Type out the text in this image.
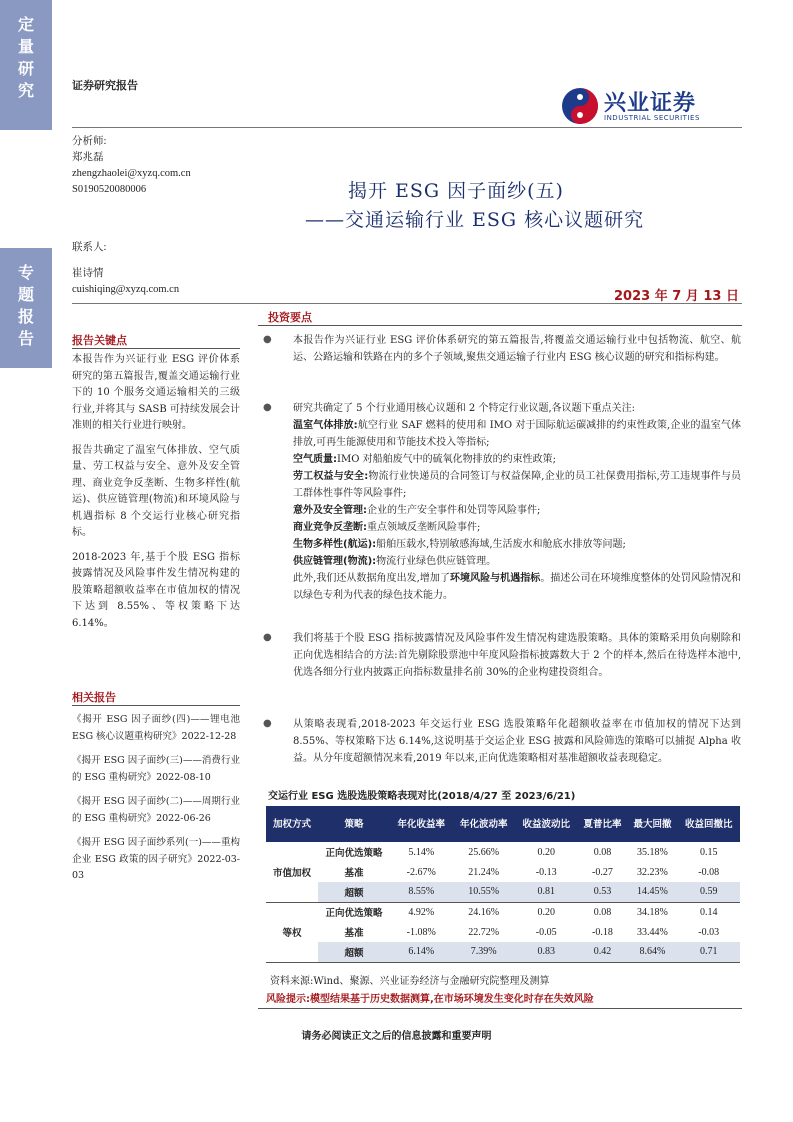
定
量
研
究
专
题
报
告
证券研究报告
兴业证券
INDUSTRIAL SECURITIES
分析师:
郑兆磊
zhengzhaolei@xyzq.com.cn
S0190520080006
联系人:
崔诗情
cuishiqing@xyzq.com.cn
揭开 ESG 因子面纱(五)
——交通运输行业 ESG 核心议题研究
2023 年 7 月 13 日
报告关键点

本报告作为兴证行业 ESG 评价体系研究的第五篇报告,覆盖交通运输行业下的 10 个服务交通运输相关的三级行业,并将其与 SASB 可持续发展会计准则的相关行业进行映射。

报告共确定了温室气体排放、空气质量、劳工权益与安全、意外及安全管理、商业竞争反垄断、生物多样性(航运)、供应链管理(物流)和环境风险与机遇指标 8 个交运行业核心研究指标。

2018-2023 年,基于个股 ESG 指标披露情况及风险事件发生情况构建的股策略超额收益率在市值加权的情况下达到 8.55%、等权策略下达 6.14%。

相关报告

《揭开 ESG 因子面纱(四)——锂电池 ESG 核心议题重构研究》2022-12-28

《揭开 ESG 因子面纱(三)——消费行业的 ESG 重构研究》2022-08-10

《揭开 ESG 因子面纱(二)——周期行业的 ESG 重构研究》2022-06-26

《揭开 ESG 因子面纱系列(一)——重构企业 ESG 政策的因子研究》2022-03-03

投资要点
● 本报告作为兴证行业 ESG 评价体系研究的第五篇报告,将覆盖交通运输行业中包括物流、航空、航运、公路运输和铁路在内的多个子领域,聚焦交通运输子行业内 ESG 核心议题的研究和指标构建。
● 研究共确定了 5 个行业通用核心议题和 2 个特定行业议题,各议题下重点关注:
温室气体排放:航空行业 SAF 燃料的使用和 IMO 对于国际航运碳减排的约束性政策,企业的温室气体排放,可再生能源使用和节能技术投入等指标;
空气质量:IMO 对船舶废气中的硫氧化物排放的约束性政策;
劳工权益与安全:物流行业快递员的合同签订与权益保障,企业的员工社保费用指标,劳工违规事件与员工群体性事件等风险事件;
意外及安全管理:企业的生产安全事件和处罚等风险事件;
商业竞争反垄断:重点领域反垄断风险事件;
生物多样性(航运):船舶压载水,特别敏感海域,生活废水和舱底水排放等问题;
供应链管理(物流):物流行业绿色供应链管理。
此外,我们还从数据角度出发,增加了环境风险与机遇指标。描述公司在环境维度整体的处罚风险情况和以绿色专利为代表的绿色技术能力。
● 我们将基于个股 ESG 指标披露情况及风险事件发生情况构建选股策略。具体的策略采用负向剔除和正向优选相结合的方法:首先剔除股票池中年度风险指标披露数大于 2 个的样本,然后在待选样本池中,优选各细分行业内披露正向指标数量排名前 30%的企业构建投资组合。
● 从策略表现看,2018-2023 年交运行业 ESG 选股策略年化超额收益率在市值加权的情况下达到 8.55%、等权策略下达 6.14%,这说明基于交运企业 ESG 披露和风险筛选的策略可以捕捉 Alpha 收益。从分年度超额情况来看,2019 年以来,正向优选策略相对基准超额收益表现稳定。
交运行业 ESG 选股选股策略表现对比(2018/4/27 至 2023/6/21)
加权方式	策略	年化收益率	年化波动率	收益波动比	夏普比率	最大回撤	收益回撤比
市值加权	正向优选策略	5.14%	25.66%	0.20	0.08	35.18%	0.15
	基准	-2.67%	21.24%	-0.13	-0.27	32.23%	-0.08
	超额	8.55%	10.55%	0.81	0.53	14.45%	0.59
等权	正向优选策略	4.92%	24.16%	0.20	0.08	34.18%	0.14
	基准	-1.08%	22.72%	-0.05	-0.18	33.44%	-0.03
	超额	6.14%	7.39%	0.83	0.42	8.64%	0.71
资料来源:Wind、聚源、兴业证券经济与金融研究院整理及测算
风险提示:模型结果基于历史数据测算,在市场环境发生变化时存在失效风险
请务必阅读正文之后的信息披露和重要声明
